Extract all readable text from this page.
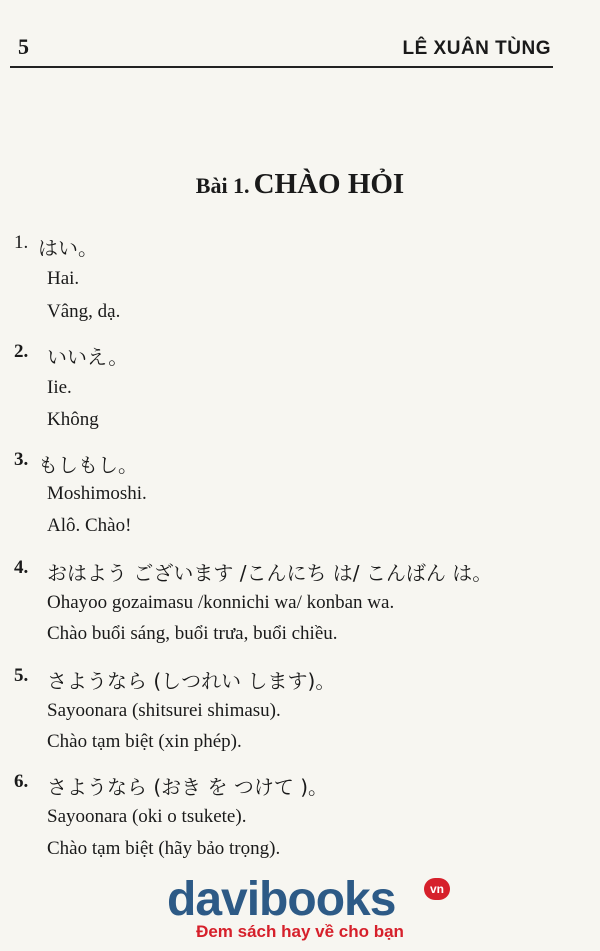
5	LÊ XUÂN TÙNG
Bài 1. CHÀO HỎI
1. はい。
Hai.
Vâng, dạ.
2. いいえ。
Iie.
Không
3. もしもし。
Moshimoshi.
Alô. Chào!
4. おはよう ございます /こんにち は/ こんばん は。
Ohayoo gozaimasu /konnichi wa/ konban wa.
Chào buổi sáng, buổi trưa, buổi chiều.
5. さようなら (しつれい します)。
Sayoonara (shitsurei shimasu).
Chào tạm biệt (xin phép).
6. さようなら (おき を つけて )。
Sayoonara (oki o tsukete).
Chào tạm biệt (hãy bảo trọng).
davibooks	vn
Đem sách hay về cho bạn
